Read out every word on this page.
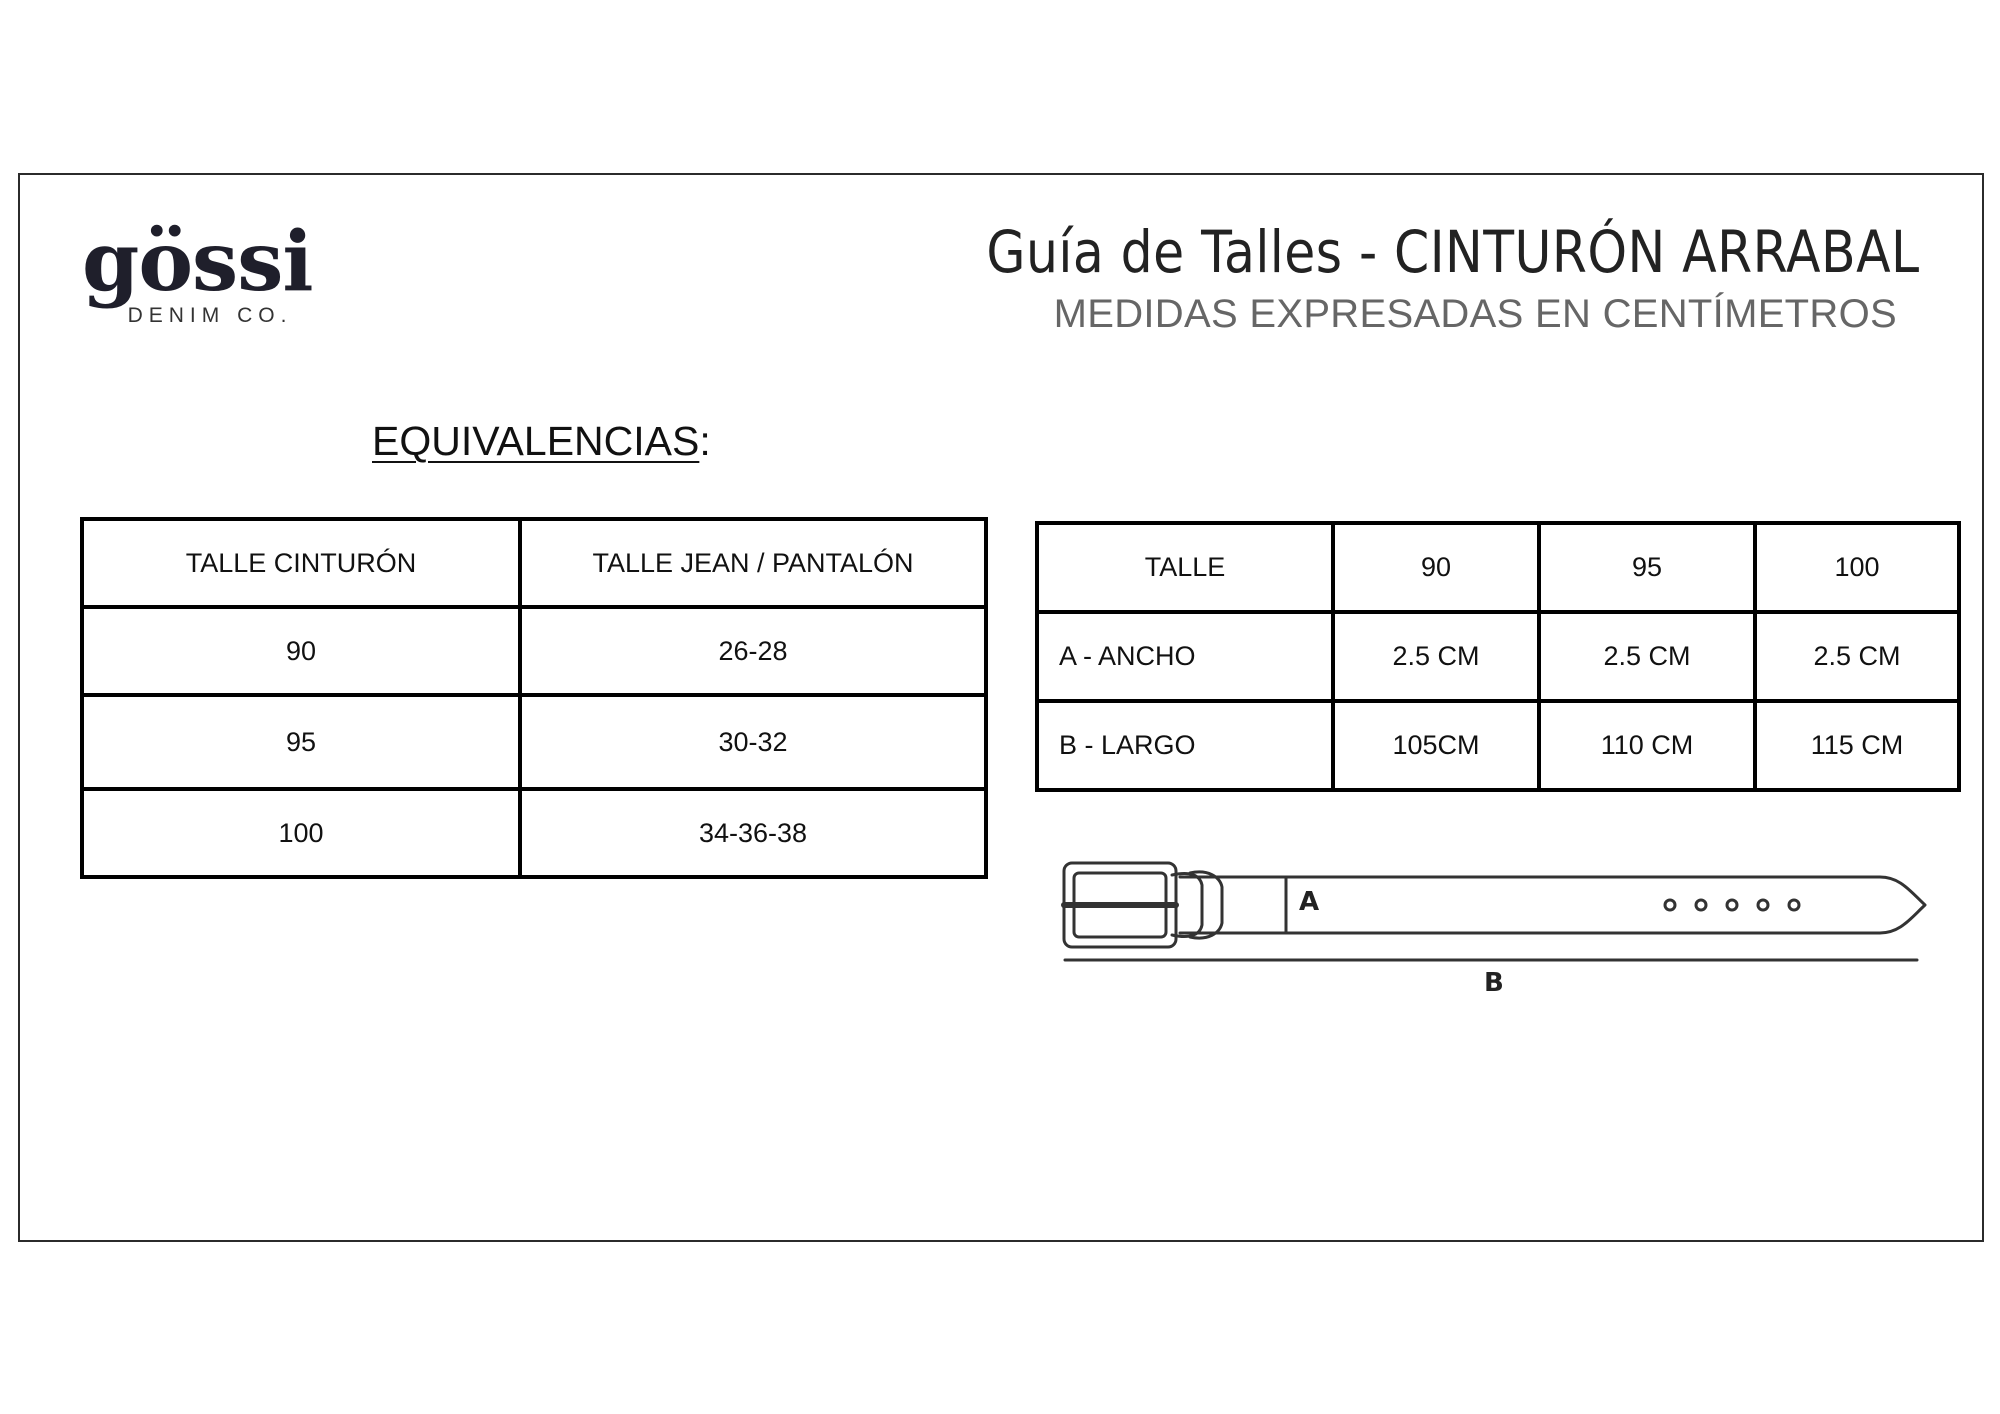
gössi
DENIM CO.
Guía de Talles - CINTURÓN ARRABAL
MEDIDAS EXPRESADAS EN CENTÍMETROS
EQUIVALENCIAS:
TALLE CINTURÓN	TALLE JEAN / PANTALÓN
90	26-28
95	30-32
100	34-36-38
TALLE	90	95	100
A - ANCHO	2.5 CM	2.5 CM	2.5 CM
B - LARGO	105CM	110 CM	115 CM
A
B
